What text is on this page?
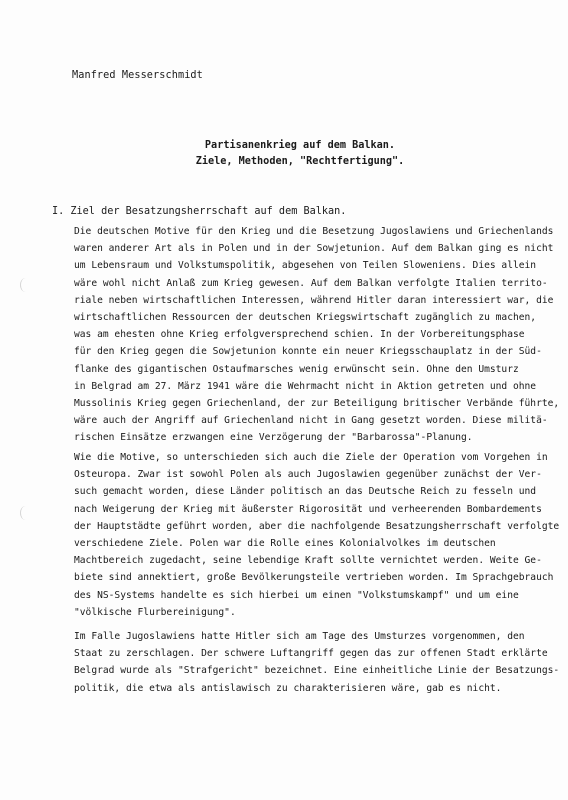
Manfred Messerschmidt
Partisanenkrieg auf dem Balkan.
Ziele, Methoden, "Rechtfertigung".
I. Ziel der Besatzungsherrschaft auf dem Balkan.
Die deutschen Motive für den Krieg und die Besetzung Jugoslawiens und Griechenlands
waren anderer Art als in Polen und in der Sowjetunion. Auf dem Balkan ging es nicht
um Lebensraum und Volkstumspolitik, abgesehen von Teilen Sloweniens. Dies allein
wäre wohl nicht Anlaß zum Krieg gewesen. Auf dem Balkan verfolgte Italien territo-
riale neben wirtschaftlichen Interessen, während Hitler daran interessiert war, die
wirtschaftlichen Ressourcen der deutschen Kriegswirtschaft zugänglich zu machen,
was am ehesten ohne Krieg erfolgversprechend schien. In der Vorbereitungsphase
für den Krieg gegen die Sowjetunion konnte ein neuer Kriegsschauplatz in der Süd-
flanke des gigantischen Ostaufmarsches wenig erwünscht sein. Ohne den Umsturz
in Belgrad am 27. März 1941 wäre die Wehrmacht nicht in Aktion getreten und ohne
Mussolinis Krieg gegen Griechenland, der zur Beteiligung britischer Verbände führte,
wäre auch der Angriff auf Griechenland nicht in Gang gesetzt worden. Diese militä-
rischen Einsätze erzwangen eine Verzögerung der "Barbarossa"-Planung.
Wie die Motive, so unterschieden sich auch die Ziele der Operation vom Vorgehen in
Osteuropa. Zwar ist sowohl Polen als auch Jugoslawien gegenüber zunächst der Ver-
such gemacht worden, diese Länder politisch an das Deutsche Reich zu fesseln und
nach Weigerung der Krieg mit äußerster Rigorosität und verheerenden Bombardements
der Hauptstädte geführt worden, aber die nachfolgende Besatzungsherrschaft verfolgte
verschiedene Ziele. Polen war die Rolle eines Kolonialvolkes im deutschen
Machtbereich zugedacht, seine lebendige Kraft sollte vernichtet werden. Weite Ge-
biete sind annektiert, große Bevölkerungsteile vertrieben worden. Im Sprachgebrauch
des NS-Systems handelte es sich hierbei um einen "Volkstumskampf" und um eine
"völkische Flurbereinigung".
Im Falle Jugoslawiens hatte Hitler sich am Tage des Umsturzes vorgenommen, den
Staat zu zerschlagen. Der schwere Luftangriff gegen das zur offenen Stadt erklärte
Belgrad wurde als "Strafgericht" bezeichnet. Eine einheitliche Linie der Besatzungs-
politik, die etwa als antislawisch zu charakterisieren wäre, gab es nicht.
